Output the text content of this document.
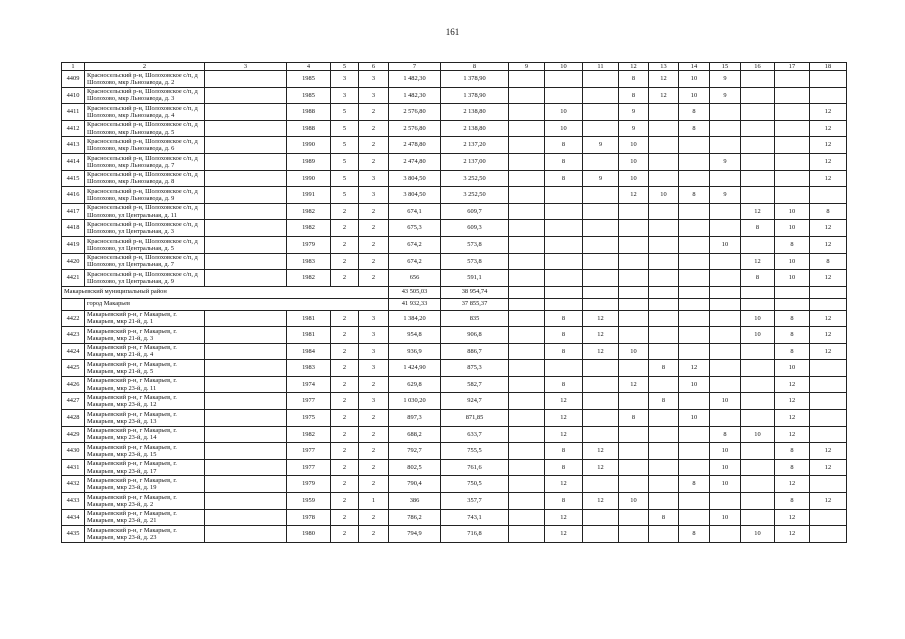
161
1	2	3	4	5	6	7	8	9	10	11	12	13	14	15	16	17	18
4409	Красносельский р-н, Шолоховское с/п, д Шолохово, мкр Льнозавода, д. 2		1985	3	3	1 482,30	1 378,90				8	12	10	9			
4410	Красносельский р-н, Шолоховское с/п, д Шолохово, мкр Льнозавода, д. 3		1985	3	3	1 482,30	1 378,90				8	12	10	9			
4411	Красносельский р-н, Шолоховское с/п, д Шолохово, мкр Льнозавода, д. 4		1988	5	2	2 576,80	2 138,80		10		9		8				12
4412	Красносельский р-н, Шолоховское с/п, д Шолохово, мкр Льнозавода, д. 5		1988	5	2	2 576,80	2 138,80		10		9		8				12
4413	Красносельский р-н, Шолоховское с/п, д Шолохово, мкр Льнозавода, д. 6		1990	5	2	2 478,80	2 137,20		8	9	10						12
4414	Красносельский р-н, Шолоховское с/п, д Шолохово, мкр Льнозавода, д. 7		1989	5	2	2 474,80	2 137,00		8		10			9			12
4415	Красносельский р-н, Шолоховское с/п, д Шолохово, мкр Льнозавода, д. 8		1990	5	3	3 804,50	3 252,50		8	9	10						12
4416	Красносельский р-н, Шолоховское с/п, д Шолохово, мкр Льнозавода, д. 9		1991	5	3	3 804,50	3 252,50				12	10	8	9			
4417	Красносельский р-н, Шолоховское с/п, д Шолохово, ул Центральная, д. 11		1982	2	2	674,1	609,7								12	10	8
4418	Красносельский р-н, Шолоховское с/п, д Шолохово, ул Центральная, д. 3		1982	2	2	675,3	609,3								8	10	12
4419	Красносельский р-н, Шолоховское с/п, д Шолохово, ул Центральная, д. 5		1979	2	2	674,2	573,8							10		8	12
4420	Красносельский р-н, Шолоховское с/п, д Шолохово, ул Центральная, д. 7		1983	2	2	674,2	573,8								12	10	8
4421	Красносельский р-н, Шолоховское с/п, д Шолохово, ул Центральная, д. 9		1982	2	2	656	591,1								8	10	12
Макарьевский муниципальный район						43 505,03	38 954,74										
	город Макарьев					41 932,33	37 855,37										
4422	Макарьевский р-н, г Макарьев, г. Макарьев, мкр 21-й, д. 1		1981	2	3	1 384,20	835		8	12					10	8	12
4423	Макарьевский р-н, г Макарьев, г. Макарьев, мкр 21-й, д. 3		1981	2	3	954,8	906,8		8	12					10	8	12
4424	Макарьевский р-н, г Макарьев, г. Макарьев, мкр 21-й, д. 4		1984	2	3	936,9	886,7		8	12	10					8	12
4425	Макарьевский р-н, г Макарьев, г. Макарьев, мкр 21-й, д. 5		1983	2	3	1 424,90	875,3					8	12			10	
4426	Макарьевский р-н, г Макарьев, г. Макарьев, мкр 23-й, д. 11		1974	2	2	629,8	582,7		8		12		10			12	
4427	Макарьевский р-н, г Макарьев, г. Макарьев, мкр 23-й, д. 12		1977	2	3	1 030,20	924,7		12			8		10		12	
4428	Макарьевский р-н, г Макарьев, г. Макарьев, мкр 23-й, д. 13		1975	2	2	897,3	871,85		12		8		10			12	
4429	Макарьевский р-н, г Макарьев, г. Макарьев, мкр 23-й, д. 14		1982	2	2	688,2	633,7		12					8	10	12	
4430	Макарьевский р-н, г Макарьев, г. Макарьев, мкр 23-й, д. 15		1977	2	2	792,7	755,5		8	12				10		8	12
4431	Макарьевский р-н, г Макарьев, г. Макарьев, мкр 23-й, д. 17		1977	2	2	802,5	761,6		8	12				10		8	12
4432	Макарьевский р-н, г Макарьев, г. Макарьев, мкр 23-й, д. 19		1979	2	2	790,4	750,5		12				8	10		12	
4433	Макарьевский р-н, г Макарьев, г. Макарьев, мкр 23-й, д. 2		1959	2	1	386	357,7		8	12	10					8	12
4434	Макарьевский р-н, г Макарьев, г. Макарьев, мкр 23-й, д. 21		1978	2	2	786,2	743,1		12			8		10		12	
4435	Макарьевский р-н, г Макарьев, г. Макарьев, мкр 23-й, д. 23		1980	2	2	794,9	716,8		12				8		10	12	
